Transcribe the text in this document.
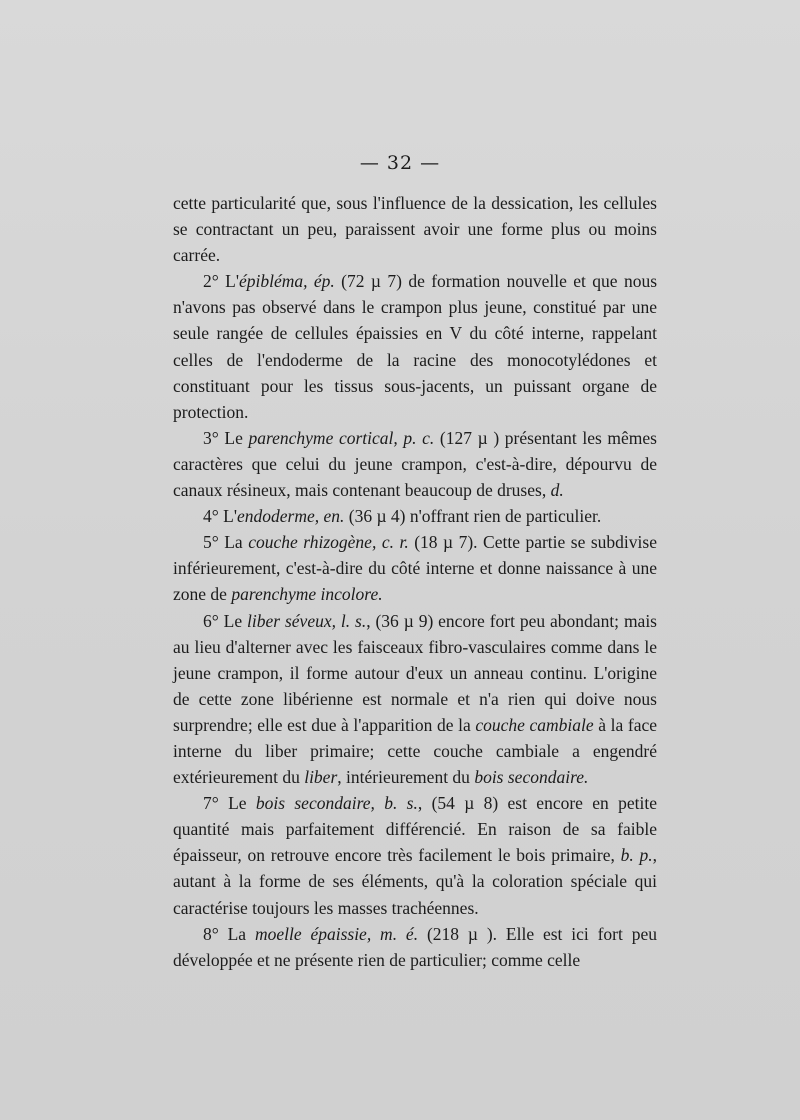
— 32 —

cette particularité que, sous l'influence de la dessication, les cellules se contractant un peu, paraissent avoir une forme plus ou moins carrée.

2° L'épibléma, ép. (72 µ 7) de formation nouvelle et que nous n'avons pas observé dans le crampon plus jeune, constitué par une seule rangée de cellules épaissies en V du côté interne, rappelant celles de l'endoderme de la racine des monocotylédones et constituant pour les tissus sous-jacents, un puissant organe de protection.

3° Le parenchyme cortical, p. c. (127 µ ) présentant les mêmes caractères que celui du jeune crampon, c'est-à-dire, dépourvu de canaux résineux, mais contenant beaucoup de druses, d.

4° L'endoderme, en. (36 µ 4) n'offrant rien de particulier.

5° La couche rhizogène, c. r. (18 µ 7). Cette partie se subdivise inférieurement, c'est-à-dire du côté interne et donne naissance à une zone de parenchyme incolore.

6° Le liber séveux, l. s., (36 µ 9) encore fort peu abondant; mais au lieu d'alterner avec les faisceaux fibro-vasculaires comme dans le jeune crampon, il forme autour d'eux un anneau continu. L'origine de cette zone libérienne est normale et n'a rien qui doive nous surprendre; elle est due à l'apparition de la couche cambiale à la face interne du liber primaire; cette couche cambiale a engendré extérieurement du liber, intérieurement du bois secondaire.

7° Le bois secondaire, b. s., (54 µ 8) est encore en petite quantité mais parfaitement différencié. En raison de sa faible épaisseur, on retrouve encore très facilement le bois primaire, b. p., autant à la forme de ses éléments, qu'à la coloration spéciale qui caractérise toujours les masses trachéennes.

8° La moelle épaissie, m. é. (218 µ ). Elle est ici fort peu développée et ne présente rien de particulier; comme celle
